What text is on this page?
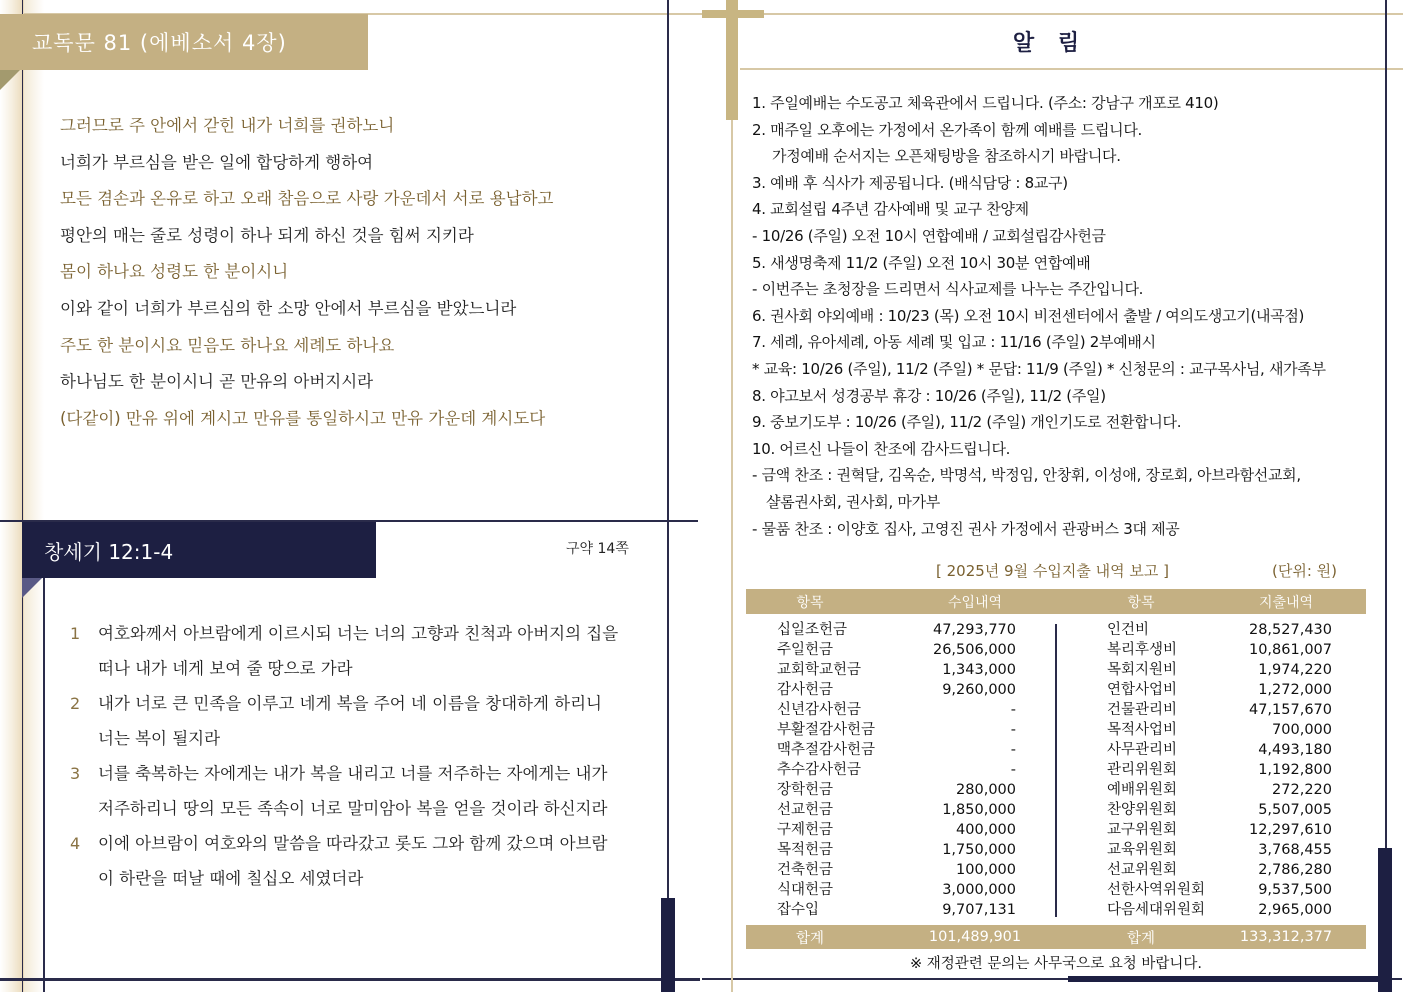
교독문 81 (에베소서 4장)
그러므로 주 안에서 갇힌 내가 너희를 권하노니
너희가 부르심을 받은 일에 합당하게 행하여
모든 겸손과 온유로 하고 오래 참음으로 사랑 가운데서 서로 용납하고
평안의 매는 줄로 성령이 하나 되게 하신 것을 힘써 지키라
몸이 하나요 성령도 한 분이시니
이와 같이 너희가 부르심의 한 소망 안에서 부르심을 받았느니라
주도 한 분이시요 믿음도 하나요 세례도 하나요
하나님도 한 분이시니 곧 만유의 아버지시라
(다같이) 만유 위에 계시고 만유를 통일하시고 만유 가운데 계시도다
창세기 12:1-4	구약 14쪽
1	여호와께서 아브람에게 이르시되 너는 너의 고향과 친척과 아버지의 집을
떠나 내가 네게 보여 줄 땅으로 가라
2	내가 너로 큰 민족을 이루고 네게 복을 주어 네 이름을 창대하게 하리니
너는 복이 될지라
3	너를 축복하는 자에게는 내가 복을 내리고 너를 저주하는 자에게는 내가
저주하리니 땅의 모든 족속이 너로 말미암아 복을 얻을 것이라 하신지라
4	이에 아브람이 여호와의 말씀을 따라갔고 롯도 그와 함께 갔으며 아브람
이 하란을 떠날 때에 칠십오 세였더라
알 림
1. 주일예배는 수도공고 체육관에서 드립니다. (주소: 강남구 개포로 410)
2. 매주일 오후에는 가정에서 온가족이 함께 예배를 드립니다.
가정예배 순서지는 오픈채팅방을 참조하시기 바랍니다.
3. 예배 후 식사가 제공됩니다. (배식담당 : 8교구)
4. 교회설립 4주년 감사예배 및 교구 찬양제
- 10/26 (주일) 오전 10시 연합예배 / 교회설립감사헌금
5. 새생명축제 11/2 (주일) 오전 10시 30분 연합예배
- 이번주는 초청장을 드리면서 식사교제를 나누는 주간입니다.
6. 권사회 야외예배 : 10/23 (목) 오전 10시 비전센터에서 출발 / 여의도생고기(내곡점)
7. 세례, 유아세례, 아동 세례 및 입교 : 11/16 (주일) 2부예배시
* 교육: 10/26 (주일), 11/2 (주일) * 문답: 11/9 (주일) * 신청문의 : 교구목사님, 새가족부
8. 야고보서 성경공부 휴강 : 10/26 (주일), 11/2 (주일)
9. 중보기도부 : 10/26 (주일), 11/2 (주일) 개인기도로 전환합니다.
10. 어르신 나들이 찬조에 감사드립니다.
- 금액 찬조 : 권혁달, 김옥순, 박명석, 박정임, 안창휘, 이성애, 장로회, 아브라함선교회,
샬롬권사회, 권사회, 마가부
- 물품 찬조 : 이양호 집사, 고영진 권사 가정에서 관광버스 3대 제공
[ 2025년 9월 수입지출 내역 보고 ]	(단위: 원)
항목	수입내역	항목	지출내역
십일조헌금	47,293,770	인건비	28,527,430
주일헌금	26,506,000	복리후생비	10,861,007
교회학교헌금	1,343,000	목회지원비	1,974,220
감사헌금	9,260,000	연합사업비	1,272,000
신년감사헌금	-	건물관리비	47,157,670
부활절감사헌금	-	목적사업비	700,000
맥추절감사헌금	-	사무관리비	4,493,180
추수감사헌금	-	관리위원회	1,192,800
장학헌금	280,000	예배위원회	272,220
선교헌금	1,850,000	찬양위원회	5,507,005
구제헌금	400,000	교구위원회	12,297,610
목적헌금	1,750,000	교육위원회	3,768,455
건축헌금	100,000	선교위원회	2,786,280
식대헌금	3,000,000	선한사역위원회	9,537,500
잡수입	9,707,131	다음세대위원회	2,965,000
합계	101,489,901	합계	133,312,377
※ 재정관련 문의는 사무국으로 요청 바랍니다.
